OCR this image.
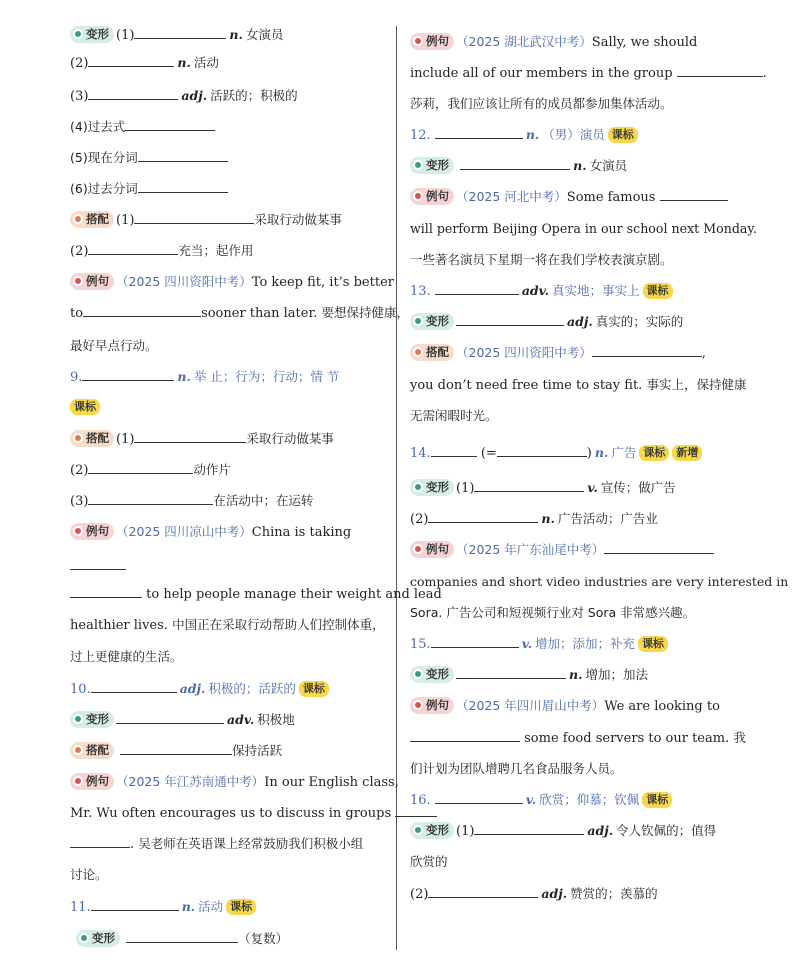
变形 (1)	n. 女演员
(2)	n. 活动
(3)	adj. 活跃的；积极的
(4)过去式
(5)现在分词
(6)过去分词
搭配 (1)	采取行动做某事
(2)	充当；起作用
例句 （2025 四川资阳中考）To keep fit, it’s better
to	sooner than later. 要想保持健康，
最好早点行动。
9.	n. 举 止；行为；行动；情 节
课标
搭配 (1)	采取行动做某事
(2)	动作片
(3)	在活动中；在运转
例句 （2025 四川凉山中考）China is taking
to help people manage their weight and lead
healthier lives. 中国正在采取行动帮助人们控制体重，
过上更健康的生活。
10.	adj. 积极的；活跃的 课标
变形	adv. 积极地
搭配	保持活跃
例句 （2025 年江苏南通中考）In our English class,
Mr. Wu often encourages us to discuss in groups
. 吴老师在英语课上经常鼓励我们积极小组
讨论。
11.	n. 活动 课标
变形	（复数）
例句 （2025 湖北武汉中考）Sally, we should
include all of our members in the group	.
莎莉，我们应该让所有的成员都参加集体活动。
12.	n. （男）演员 课标
变形	n. 女演员
例句 （2025 河北中考）Some famous
will perform Beijing Opera in our school next Monday.
一些著名演员下星期一将在我们学校表演京剧。
13.	adv. 真实地；事实上 课标
变形	adj. 真实的；实际的
搭配 （2025 四川资阳中考）	,
you don’t need free time to stay fit. 事实上，保持健康
无需闲暇时光。
14.	(=	) n. 广告 课标 新增
变形 (1)	v. 宣传；做广告
(2)	n. 广告活动；广告业
例句 （2025 年广东汕尾中考）
companies and short video industries are very interested in
Sora. 广告公司和短视频行业对 Sora 非常感兴趣。
15.	v. 增加；添加；补充 课标
变形	n. 增加；加法
例句 （2025 年四川眉山中考）We are looking to
some food servers to our team. 我
们计划为团队增聘几名食品服务人员。
16.	v. 欣赏；仰慕；钦佩 课标
变形 (1)	adj. 令人钦佩的；值得
欣赏的
(2)	adj. 赞赏的；羡慕的
